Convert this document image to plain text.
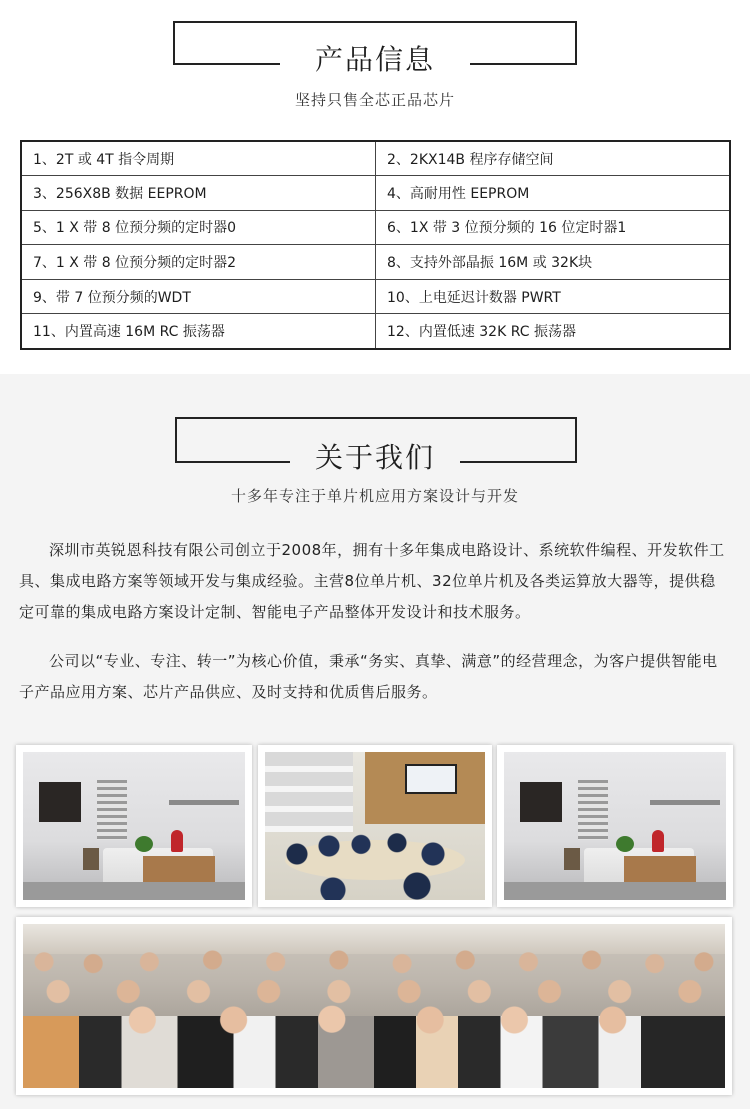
产品信息
坚持只售全芯正品芯片
1、2T 或 4T 指令周期	2、2KX14B 程序存储空间
3、256X8B 数据 EEPROM	4、高耐用性 EEPROM
5、1 X 带 8 位预分频的定时器0	6、1X 带 3 位预分频的 16 位定时器1
7、1 X 带 8 位预分频的定时器2	8、支持外部晶振 16M 或 32K块
9、带 7 位预分频的WDT	10、上电延迟计数器 PWRT
11、内置高速 16M RC 振荡器	12、内置低速 32K RC 振荡器
关于我们
十多年专注于单片机应用方案设计与开发

深圳市英锐恩科技有限公司创立于2008年，拥有十多年集成电路设计、系统软件编程、开发软件工具、集成电路方案等领域开发与集成经验。主营8位单片机、32位单片机及各类运算放大器等，提供稳定可靠的集成电路方案设计定制、智能电子产品整体开发设计和技术服务。

公司以“专业、专注、转一”为核心价值，秉承“务实、真挚、满意”的经营理念，为客户提供智能电子产品应用方案、芯片产品供应、及时支持和优质售后服务。
